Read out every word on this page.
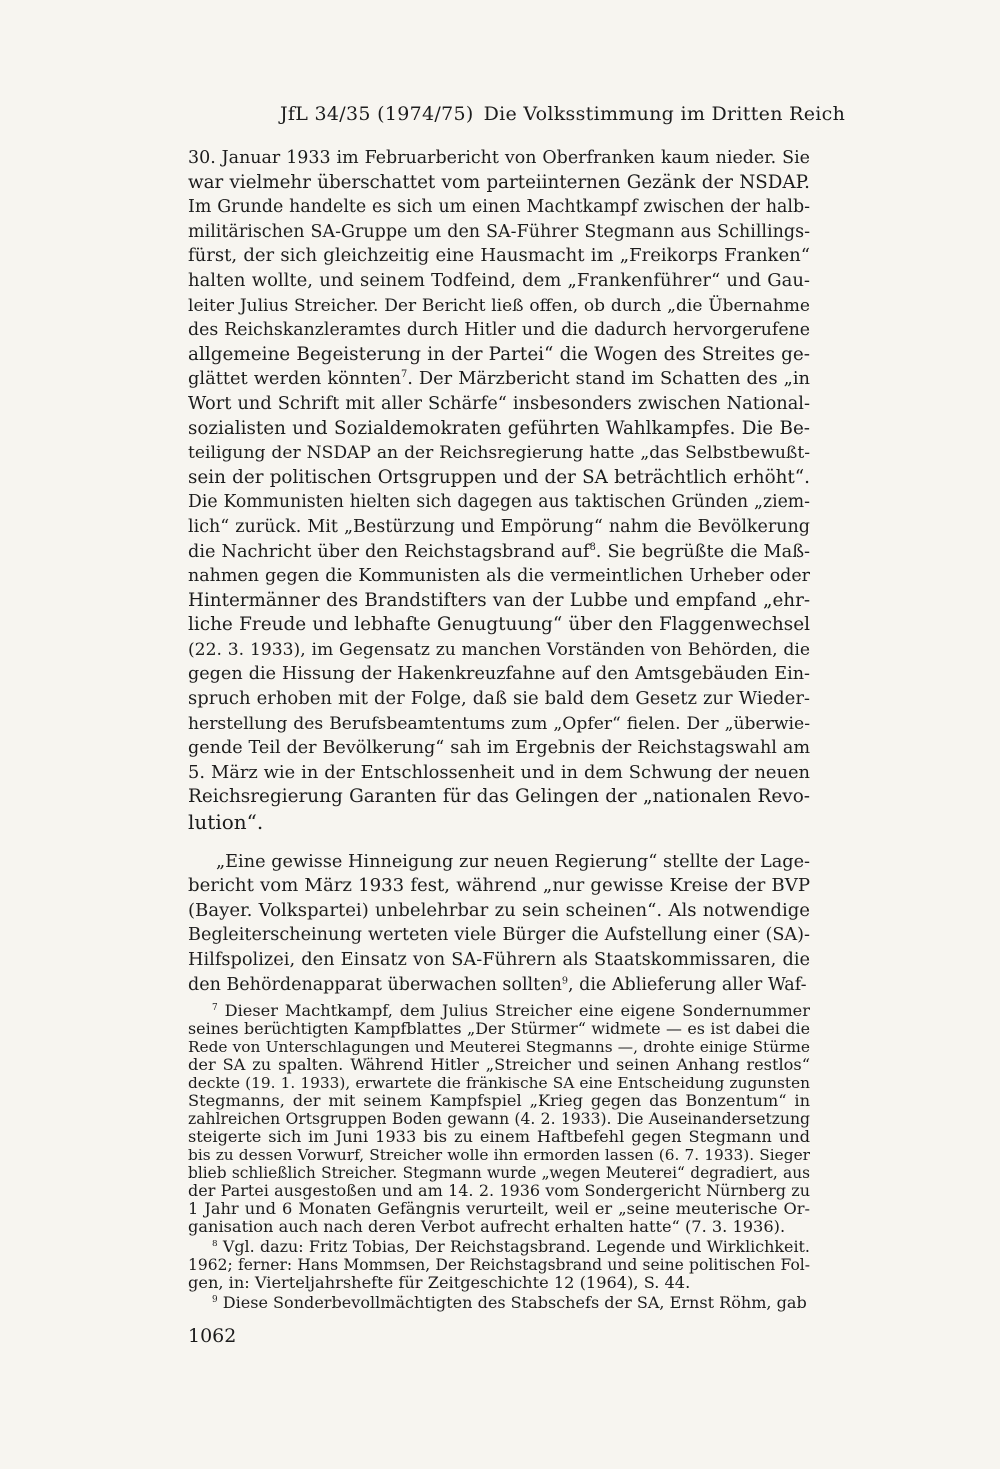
JfL 34/35 (1974/75) Die Volksstimmung im Dritten Reich

30. Januar 1933 im Februarbericht von Oberfranken kaum nieder. Sie
war vielmehr überschattet vom parteiinternen Gezänk der NSDAP.
Im Grunde handelte es sich um einen Machtkampf zwischen der halb-
militärischen SA-Gruppe um den SA-Führer Stegmann aus Schillings-
fürst, der sich gleichzeitig eine Hausmacht im „Freikorps Franken“
halten wollte, und seinem Todfeind, dem „Frankenführer“ und Gau-
leiter Julius Streicher. Der Bericht ließ offen, ob durch „die Übernahme
des Reichskanzleramtes durch Hitler und die dadurch hervorgerufene
allgemeine Begeisterung in der Partei“ die Wogen des Streites ge-
glättet werden könnten$^7$. Der Märzbericht stand im Schatten des „in
Wort und Schrift mit aller Schärfe“ insbesonders zwischen National-
sozialisten und Sozialdemokraten geführten Wahlkampfes. Die Be-
teiligung der NSDAP an der Reichsregierung hatte „das Selbstbewußt-
sein der politischen Ortsgruppen und der SA beträchtlich erhöht“.
Die Kommunisten hielten sich dagegen aus taktischen Gründen „ziem-
lich“ zurück. Mit „Bestürzung und Empörung“ nahm die Bevölkerung
die Nachricht über den Reichstagsbrand auf$^8$. Sie begrüßte die Maß-
nahmen gegen die Kommunisten als die vermeintlichen Urheber oder
Hintermänner des Brandstifters van der Lubbe und empfand „ehr-
liche Freude und lebhafte Genugtuung“ über den Flaggenwechsel
(22. 3. 1933), im Gegensatz zu manchen Vorständen von Behörden, die
gegen die Hissung der Hakenkreuzfahne auf den Amtsgebäuden Ein-
spruch erhoben mit der Folge, daß sie bald dem Gesetz zur Wieder-
herstellung des Berufsbeamtentums zum „Opfer“ fielen. Der „überwie-
gende Teil der Bevölkerung“ sah im Ergebnis der Reichstagswahl am
5. März wie in der Entschlossenheit und in dem Schwung der neuen
Reichsregierung Garanten für das Gelingen der „nationalen Revo-
lution“.

„Eine gewisse Hinneigung zur neuen Regierung“ stellte der Lage-
bericht vom März 1933 fest, während „nur gewisse Kreise der BVP
(Bayer. Volkspartei) unbelehrbar zu sein scheinen“. Als notwendige
Begleiterscheinung werteten viele Bürger die Aufstellung einer (SA)-
Hilfspolizei, den Einsatz von SA-Führern als Staatskommissaren, die
den Behördenapparat überwachen sollten$^9$, die Ablieferung aller Waf-

$^7$ Dieser Machtkampf, dem Julius Streicher eine eigene Sondernummer
seines berüchtigten Kampfblattes „Der Stürmer“ widmete — es ist dabei die
Rede von Unterschlagungen und Meuterei Stegmanns —, drohte einige Stürme
der SA zu spalten. Während Hitler „Streicher und seinen Anhang restlos“
deckte (19. 1. 1933), erwartete die fränkische SA eine Entscheidung zugunsten
Stegmanns, der mit seinem Kampfspiel „Krieg gegen das Bonzentum“ in
zahlreichen Ortsgruppen Boden gewann (4. 2. 1933). Die Auseinandersetzung
steigerte sich im Juni 1933 bis zu einem Haftbefehl gegen Stegmann und
bis zu dessen Vorwurf, Streicher wolle ihn ermorden lassen (6. 7. 1933). Sieger
blieb schließlich Streicher. Stegmann wurde „wegen Meuterei“ degradiert, aus
der Partei ausgestoßen und am 14. 2. 1936 vom Sondergericht Nürnberg zu
1 Jahr und 6 Monaten Gefängnis verurteilt, weil er „seine meuterische Or-
ganisation auch nach deren Verbot aufrecht erhalten hatte“ (7. 3. 1936).
$^8$ Vgl. dazu: Fritz Tobias, Der Reichstagsbrand. Legende und Wirklichkeit.
1962; ferner: Hans Mommsen, Der Reichstagsbrand und seine politischen Fol-
gen, in: Vierteljahrshefte für Zeitgeschichte 12 (1964), S. 44.
$^9$ Diese Sonderbevollmächtigten des Stabschefs der SA, Ernst Röhm, gab
1062
